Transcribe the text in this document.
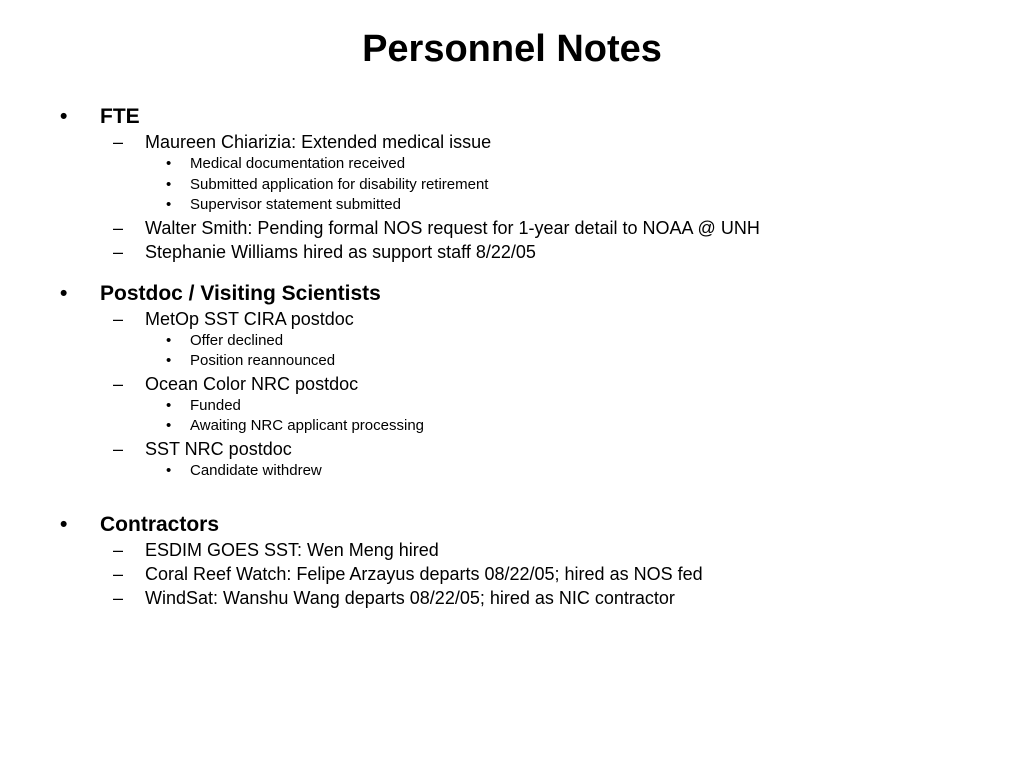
Personnel Notes
• FTE
– Maureen Chiarizia: Extended medical issue
• Medical documentation received
• Submitted application for disability retirement
• Supervisor statement submitted
– Walter Smith: Pending formal NOS request for 1-year detail to NOAA @ UNH
– Stephanie Williams hired as support staff 8/22/05
• Postdoc / Visiting Scientists
– MetOp SST CIRA postdoc
• Offer declined
• Position reannounced
– Ocean Color NRC postdoc
• Funded
• Awaiting NRC applicant processing
– SST NRC postdoc
• Candidate withdrew
• Contractors
– ESDIM GOES SST: Wen Meng hired
– Coral Reef Watch: Felipe Arzayus departs 08/22/05; hired as NOS fed
– WindSat: Wanshu Wang departs 08/22/05; hired as NIC contractor
